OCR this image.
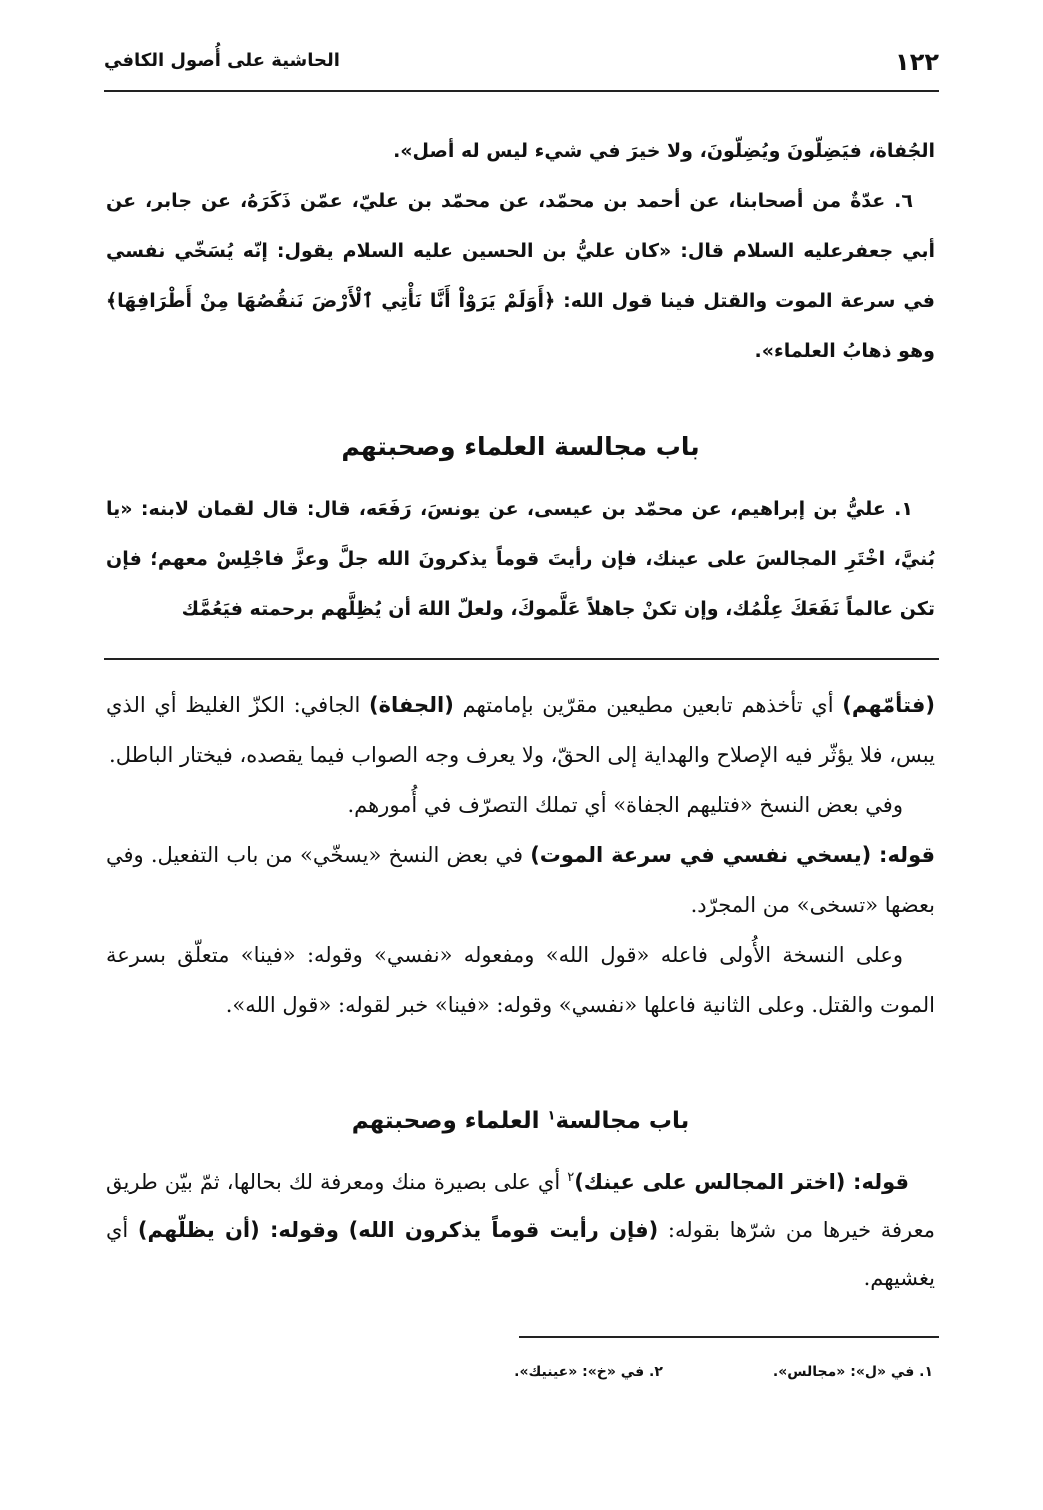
١٢٢
الحاشية على أُصول الكافي

الجُفاة، فيَضِلّونَ ويُضِلّونَ، ولا خيرَ في شيء ليس له أصل».

٦. عدّةٌ من أصحابنا، عن أحمد بن محمّد، عن محمّد بن عليّ، عمّن ذَكَرَهُ، عن جابر، عن أبي جعفرعليه السلام قال: «كان عليُّ بن الحسين عليه السلام يقول: إنّه يُسَخّي نفسي في سرعة الموت والقتل فينا قول الله: ﴿أَوَلَمْ يَرَوْاْ أَنَّا نَأْتِي ٱلْأَرْضَ نَنقُصُهَا مِنْ أَطْرَافِهَا﴾ وهو ذهابُ العلماء».

باب مجالسة العلماء وصحبتهم

١. عليُّ بن إبراهيم، عن محمّد بن عيسى، عن يونسَ، رَفَعَه، قال: قال لقمان لابنه: «يا بُنيَّ، اخْتَرِ المجالسَ على عينك، فإن رأيتَ قوماً يذكرونَ الله جلَّ وعزَّ فاجْلِسْ معهم؛ فإن تكن عالماً نَفَعَكَ عِلْمُك، وإن تكنْ جاهلاً عَلَّموكَ، ولعلّ اللهَ أن يُظِلَّهم برحمته فيَعُمَّك

(فتأمّهم) أي تأخذهم تابعين مطيعين مقرّين بإمامتهم (الجفاة) الجافي: الكزّ الغليظ أي الذي يبس، فلا يؤثّر فيه الإصلاح والهداية إلى الحقّ، ولا يعرف وجه الصواب فيما يقصده، فيختار الباطل.

وفي بعض النسخ «فتليهم الجفاة» أي تملك التصرّف في أُمورهم.

قوله: (يسخي نفسي في سرعة الموت) في بعض النسخ «يسخّي» من باب التفعيل. وفي بعضها «تسخى» من المجرّد.

وعلى النسخة الأُولى فاعله «قول الله» ومفعوله «نفسي» وقوله: «فينا» متعلّق بسرعة الموت والقتل. وعلى الثانية فاعلها «نفسي» وقوله: «فينا» خبر لقوله: «قول الله».

باب مجالسة$^١$ العلماء وصحبتهم

قوله: (اختر المجالس على عينك)$^٢$ أي على بصيرة منك ومعرفة لك بحالها، ثمّ بيّن طريق معرفة خيرها من شرّها بقوله: (فإن رأيت قوماً يذكرون الله) وقوله: (أن يظلّهم) أي يغشيهم.

١. في «ل»: «مجالس».
٢. في «خ»: «عينيك».
